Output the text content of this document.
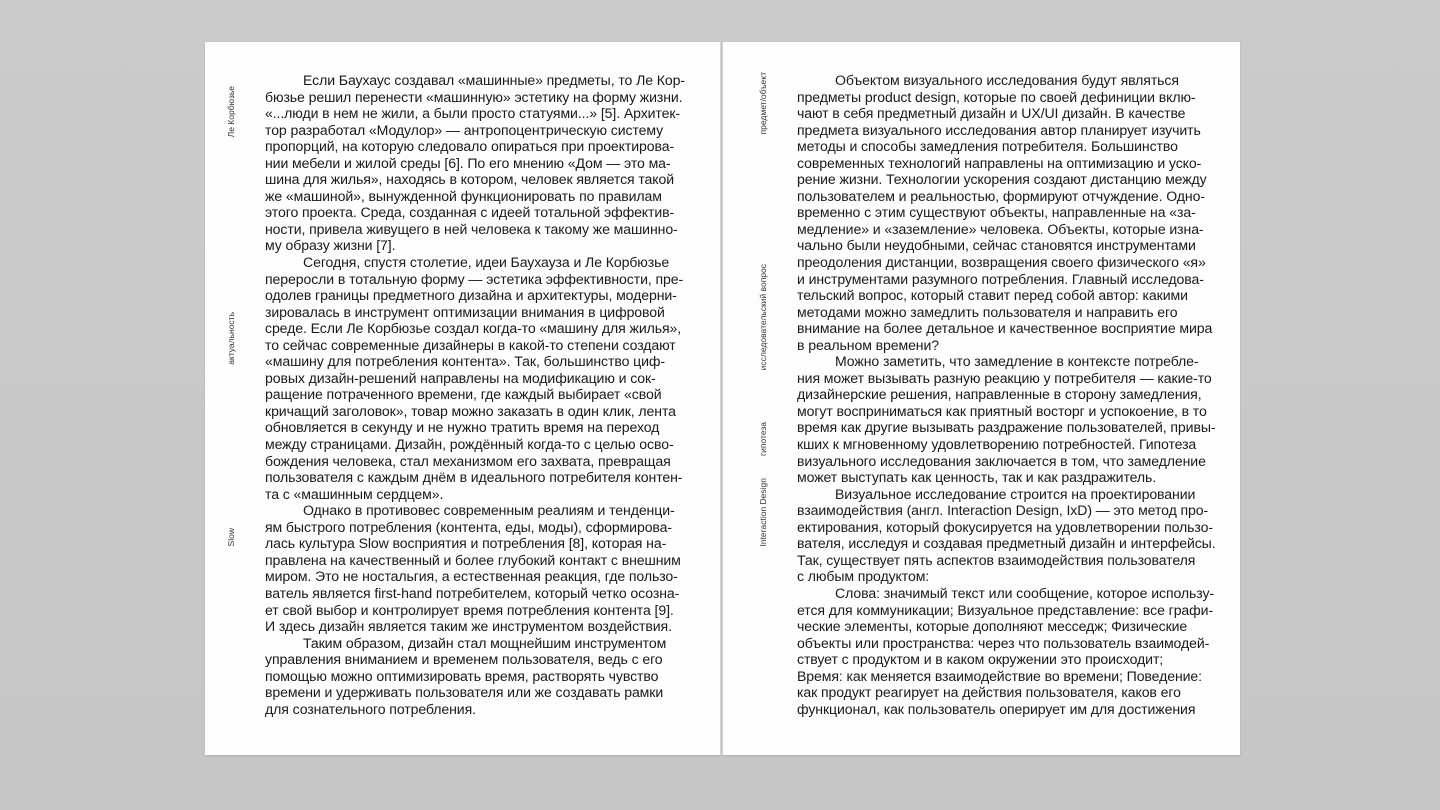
Ле Корбюзье
актуальность
Slow
Если Баухаус создавал «машинные» предметы, то Ле Кор-
бюзье решил перенести «машинную» эстетику на форму жизни.
«...люди в нем не жили, а были просто статуями...» [5]. Архитек-
тор разработал «Модулор» — антропоцентрическую систему
пропорций, на которую следовало опираться при проектирова-
нии мебели и жилой среды [6]. По его мнению «Дом — это ма-
шина для жилья», находясь в котором, человек является такой
же «машиной», вынужденной функционировать по правилам
этого проекта. Среда, созданная с идеей тотальной эффектив-
ности, привела живущего в ней человека к такому же машинно-
му образу жизни [7].
Сегодня, спустя столетие, идеи Баухауза и Ле Корбюзье
переросли в тотальную форму — эстетика эффективности, пре-
одолев границы предметного дизайна и архитектуры, модерни-
зировалась в инструмент оптимизации внимания в цифровой
среде. Если Ле Корбюзье создал когда-то «машину для жилья»,
то сейчас современные дизайнеры в какой-то степени создают
«машину для потребления контента». Так, большинство циф-
ровых дизайн-решений направлены на модификацию и сок-
ращение потраченного времени, где каждый выбирает «свой
кричащий заголовок», товар можно заказать в один клик, лента
обновляется в секунду и не нужно тратить время на переход
между страницами. Дизайн, рождённый когда-то с целью осво-
бождения человека, стал механизмом его захвата, превращая
пользователя с каждым днём в идеального потребителя контен-
та с «машинным сердцем».
Однако в противовес современным реалиям и тенденци-
ям быстрого потребления (контента, еды, моды), сформирова-
лась культура Slow восприятия и потребления [8], которая на-
правлена на качественный и более глубокий контакт с внешним
миром. Это не ностальгия, а естественная реакция, где пользо-
ватель является first-hand потребителем, который четко осозна-
ет свой выбор и контролирует время потребления контента [9].
И здесь дизайн является таким же инструментом воздействия.
Таким образом, дизайн стал мощнейшим инструментом
управления вниманием и временем пользователя, ведь с его
помощью можно оптимизировать время, растворять чувство
времени и удерживать пользователя или же создавать рамки
для сознательного потребления.
предмет/объект
исследовательский вопрос
гипотеза
Interaction Design
Объектом визуального исследования будут являться
предметы product design, которые по своей дефиниции вклю-
чают в себя предметный дизайн и UX/UI дизайн. В качестве
предмета визуального исследования автор планирует изучить
методы и способы замедления потребителя. Большинство
современных технологий направлены на оптимизацию и уско-
рение жизни. Технологии ускорения создают дистанцию между
пользователем и реальностью, формируют отчуждение. Одно-
временно с этим существуют объекты, направленные на «за-
медление» и «заземление» человека. Объекты, которые изна-
чально были неудобными, сейчас становятся инструментами
преодоления дистанции, возвращения своего физического «я»
и инструментами разумного потребления. Главный исследова-
тельский вопрос, который ставит перед собой автор: какими
методами можно замедлить пользователя и направить его
внимание на более детальное и качественное восприятие мира
в реальном времени?
Можно заметить, что замедление в контексте потребле-
ния может вызывать разную реакцию у потребителя — какие-то
дизайнерские решения, направленные в сторону замедления,
могут восприниматься как приятный восторг и успокоение, в то
время как другие вызывать раздражение пользователей, привы-
кших к мгновенному удовлетворению потребностей. Гипотеза
визуального исследования заключается в том, что замедление
может выступать как ценность, так и как раздражитель.
Визуальное исследование строится на проектировании
взаимодействия (англ. Interaction Design, IxD) — это метод про-
ектирования, который фокусируется на удовлетворении пользо-
вателя, исследуя и создавая предметный дизайн и интерфейсы.
Так, существует пять аспектов взаимодействия пользователя
с любым продуктом:
Слова: значимый текст или сообщение, которое использу-
ется для коммуникации; Визуальное представление: все графи-
ческие элементы, которые дополняют месседж; Физические
объекты или пространства: через что пользователь взаимодей-
ствует с продуктом и в каком окружении это происходит;
Время: как меняется взаимодействие во времени; Поведение:
как продукт реагирует на действия пользователя, каков его
функционал, как пользователь оперирует им для достижения
